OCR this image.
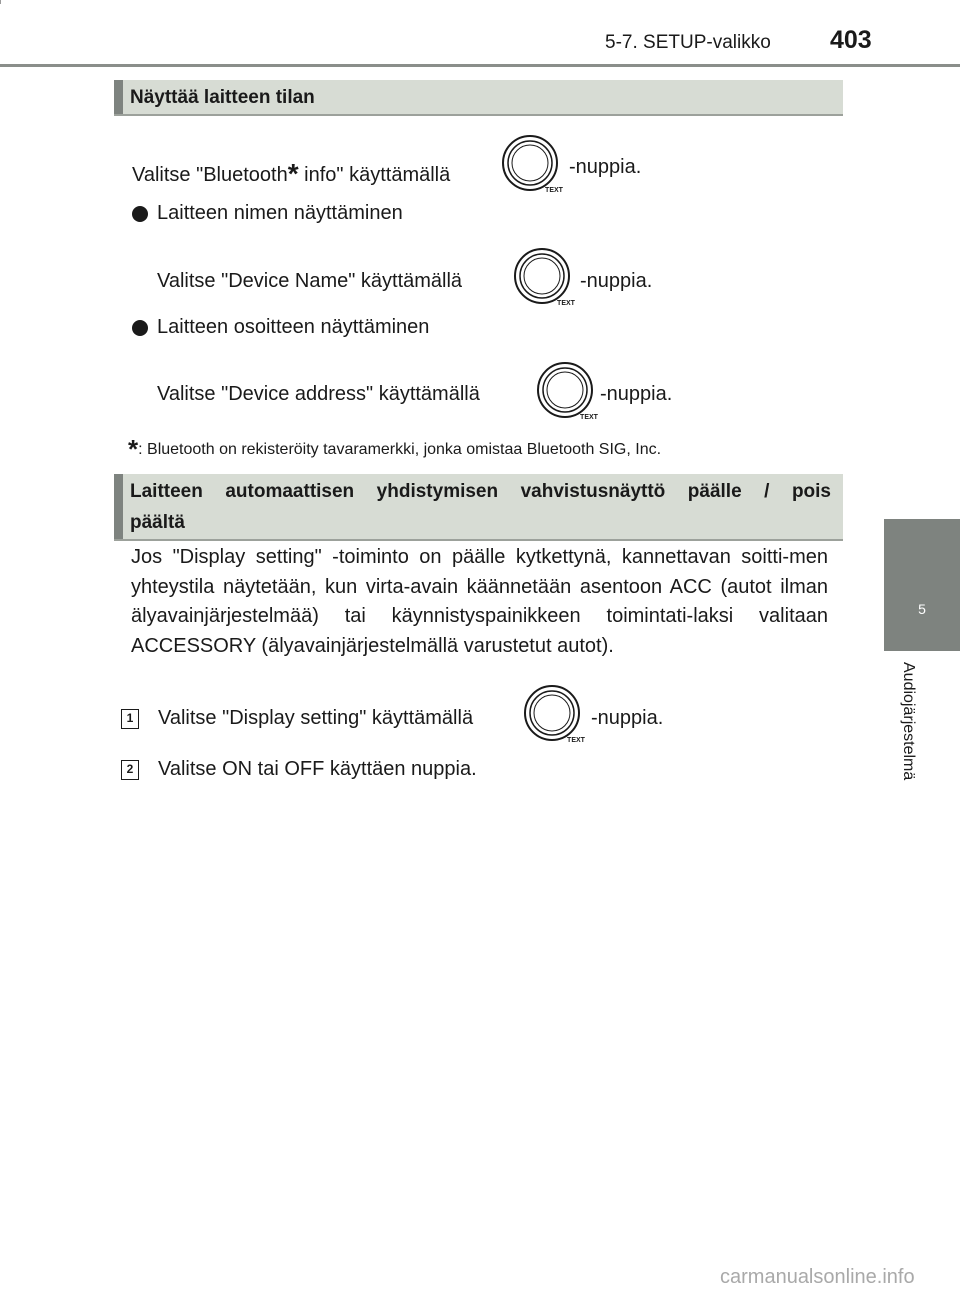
5-7. SETUP-valikko 403
5
Audiojärjestelmä
Näyttää laitteen tilan
Valitse "Bluetooth* info" käyttämällä
TEXT
-nuppia.
Laitteen nimen näyttäminen
Valitse "Device Name" käyttämällä
TEXT
-nuppia.
Laitteen osoitteen näyttäminen
Valitse "Device address" käyttämällä
TEXT
-nuppia.
*: Bluetooth on rekisteröity tavaramerkki, jonka omistaa Bluetooth SIG, Inc.
Laitteen automaattisen yhdistymisen vahvistusnäyttö päälle / pois
päältä
Jos "Display setting" -toiminto on päälle kytkettynä, kannettavan soitti-men yhteystila näytetään, kun virta-avain käännetään asentoon ACC (autot ilman älyavainjärjestelmää) tai käynnistyspainikkeen toimintati-laksi valitaan ACCESSORY (älyavainjärjestelmällä varustetut autot).
1 Valitse "Display setting" käyttämällä
TEXT
-nuppia.
2 Valitse ON tai OFF käyttäen nuppia.
carmanualsonline.info
